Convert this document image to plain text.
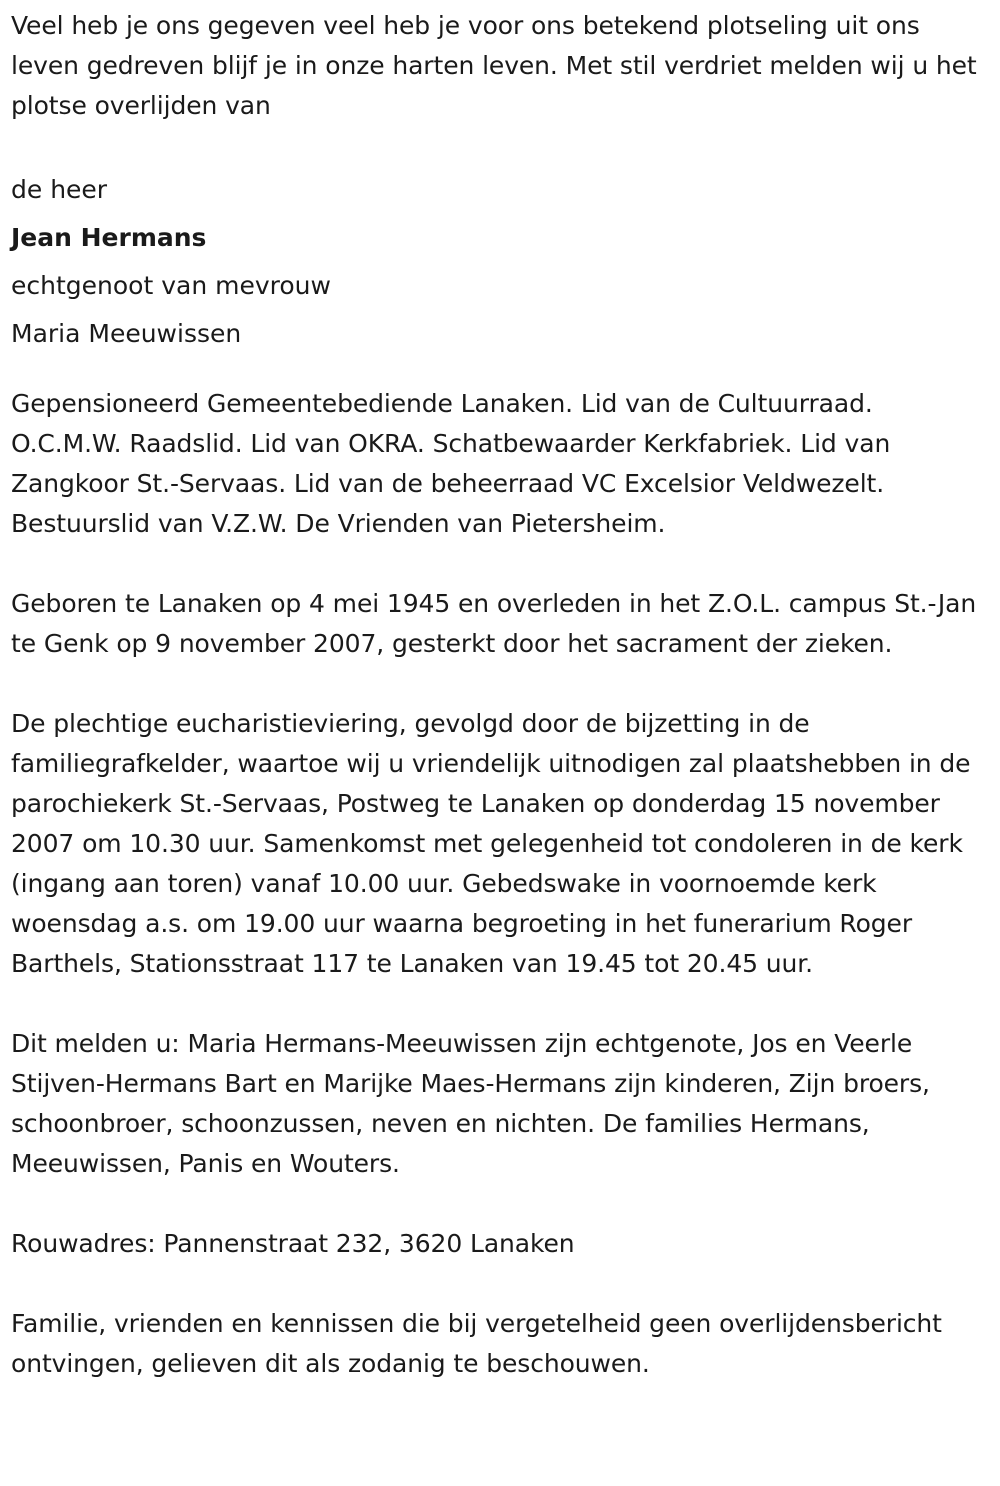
Veel heb je ons gegeven veel heb je voor ons betekend plotseling uit ons leven gedreven blijf je in onze harten leven. Met stil verdriet melden wij u het plotse overlijden van

de heer

Jean Hermans

echtgenoot van mevrouw

Maria Meeuwissen

Gepensioneerd Gemeentebediende Lanaken. Lid van de Cultuurraad. O.C.M.W. Raadslid. Lid van OKRA. Schatbewaarder Kerkfabriek. Lid van Zangkoor St.-Servaas. Lid van de beheerraad VC Excelsior Veldwezelt. Bestuurslid van V.Z.W. De Vrienden van Pietersheim.

Geboren te Lanaken op 4 mei 1945 en overleden in het Z.O.L. campus St.-Jan te Genk op 9 november 2007, gesterkt door het sacrament der zieken.

De plechtige eucharistieviering, gevolgd door de bijzetting in de familiegrafkelder, waartoe wij u vriendelijk uitnodigen zal plaatshebben in de parochiekerk St.-Servaas, Postweg te Lanaken op donderdag 15 november 2007 om 10.30 uur. Samenkomst met gelegenheid tot condoleren in de kerk (ingang aan toren) vanaf 10.00 uur. Gebedswake in voornoemde kerk woensdag a.s. om 19.00 uur waarna begroeting in het funerarium Roger Barthels, Stationsstraat 117 te Lanaken van 19.45 tot 20.45 uur.

Dit melden u: Maria Hermans-Meeuwissen zijn echtgenote, Jos en Veerle Stijven-Hermans Bart en Marijke Maes-Hermans zijn kinderen, Zijn broers, schoonbroer, schoonzussen, neven en nichten. De families Hermans, Meeuwissen, Panis en Wouters.

Rouwadres: Pannenstraat 232, 3620 Lanaken

Familie, vrienden en kennissen die bij vergetelheid geen overlijdensbericht ontvingen, gelieven dit als zodanig te beschouwen.
